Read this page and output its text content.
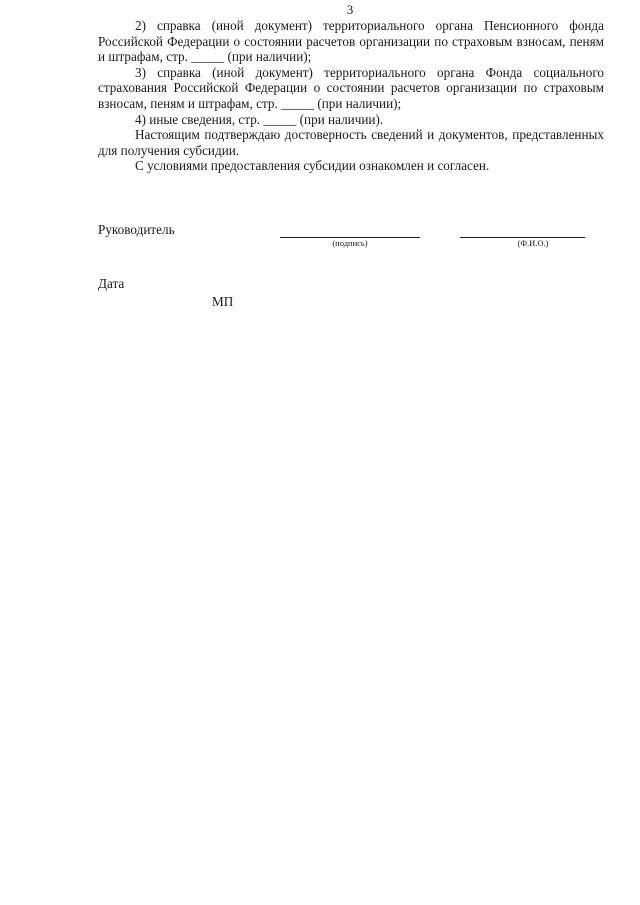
3

2) справка (иной документ) территориального органа Пенсионного фонда Российской Федерации о состоянии расчетов организации по страховым взносам, пеням и штрафам, стр. _____ (при наличии);

3) справка (иной документ) территориального органа Фонда социального страхования Российской Федерации о состоянии расчетов организации по страховым взносам, пеням и штрафам, стр. _____ (при наличии);

4) иные сведения, стр. _____ (при наличии).

Настоящим подтверждаю достоверность сведений и документов, представленных для получения субсидии.

С условиями предоставления субсидии ознакомлен и согласен.

Руководитель
(подпись)	(Ф.И.О.)
Дата
МП
